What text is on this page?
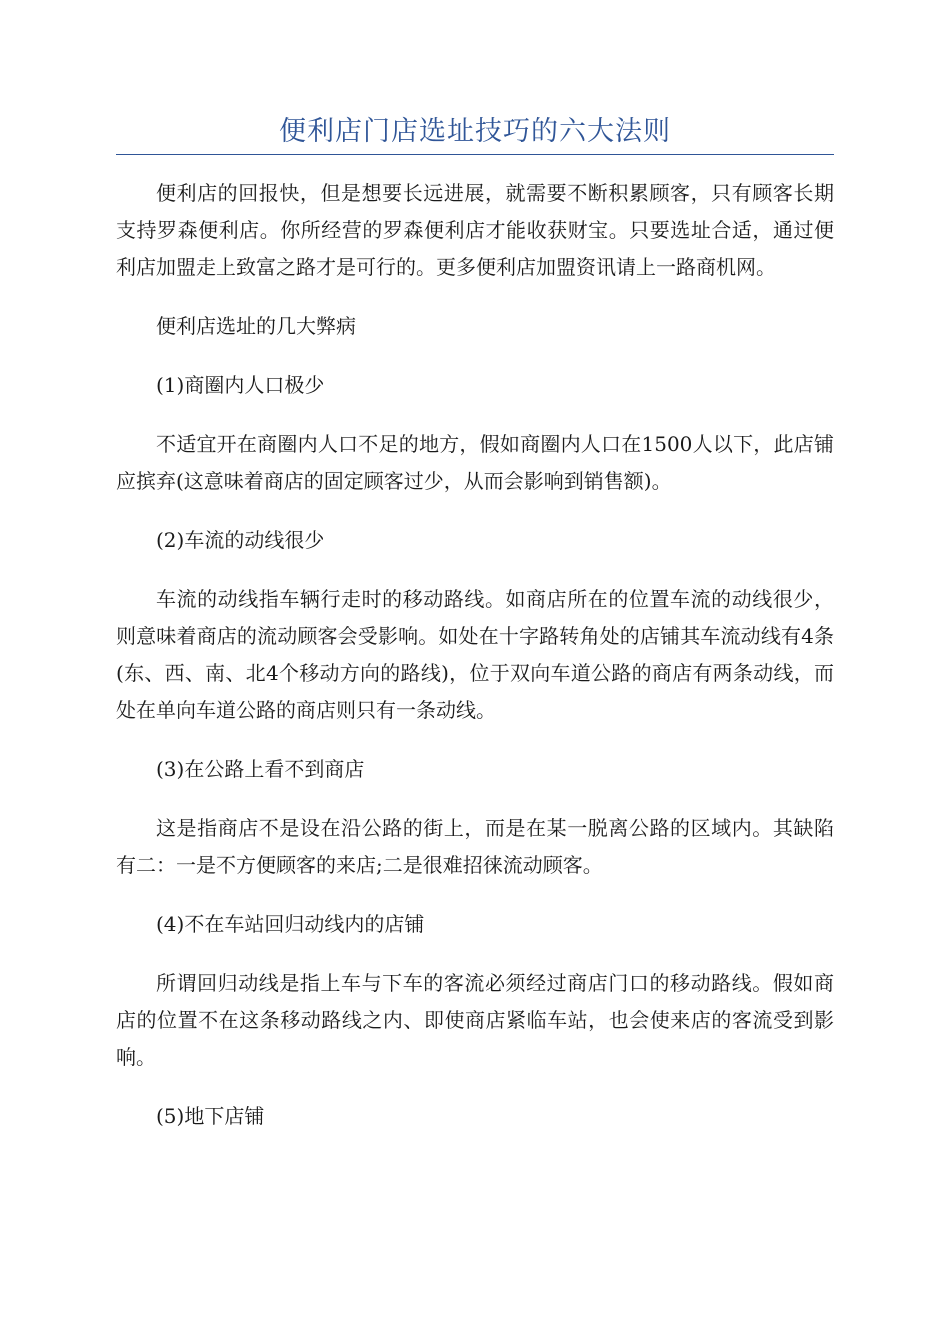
便利店门店选址技巧的六大法则

便利店的回报快，但是想要长远进展，就需要不断积累顾客，只有顾客长期支持罗森便利店。你所经营的罗森便利店才能收获财宝。只要选址合适，通过便利店加盟走上致富之路才是可行的。更多便利店加盟资讯请上一路商机网。

便利店选址的几大弊病

(1)商圈内人口极少

不适宜开在商圈内人口不足的地方，假如商圈内人口在1500人以下，此店铺应摈弃(这意味着商店的固定顾客过少，从而会影响到销售额)。

(2)车流的动线很少

车流的动线指车辆行走时的移动路线。如商店所在的位置车流的动线很少，则意味着商店的流动顾客会受影响。如处在十字路转角处的店铺其车流动线有4条(东、西、南、北4个移动方向的路线)，位于双向车道公路的商店有两条动线，而处在单向车道公路的商店则只有一条动线。

(3)在公路上看不到商店

这是指商店不是设在沿公路的街上，而是在某一脱离公路的区域内。其缺陷有二：一是不方便顾客的来店;二是很难招徕流动顾客。

(4)不在车站回归动线内的店铺

所谓回归动线是指上车与下车的客流必须经过商店门口的移动路线。假如商店的位置不在这条移动路线之内、即使商店紧临车站，也会使来店的客流受到影响。

(5)地下店铺
